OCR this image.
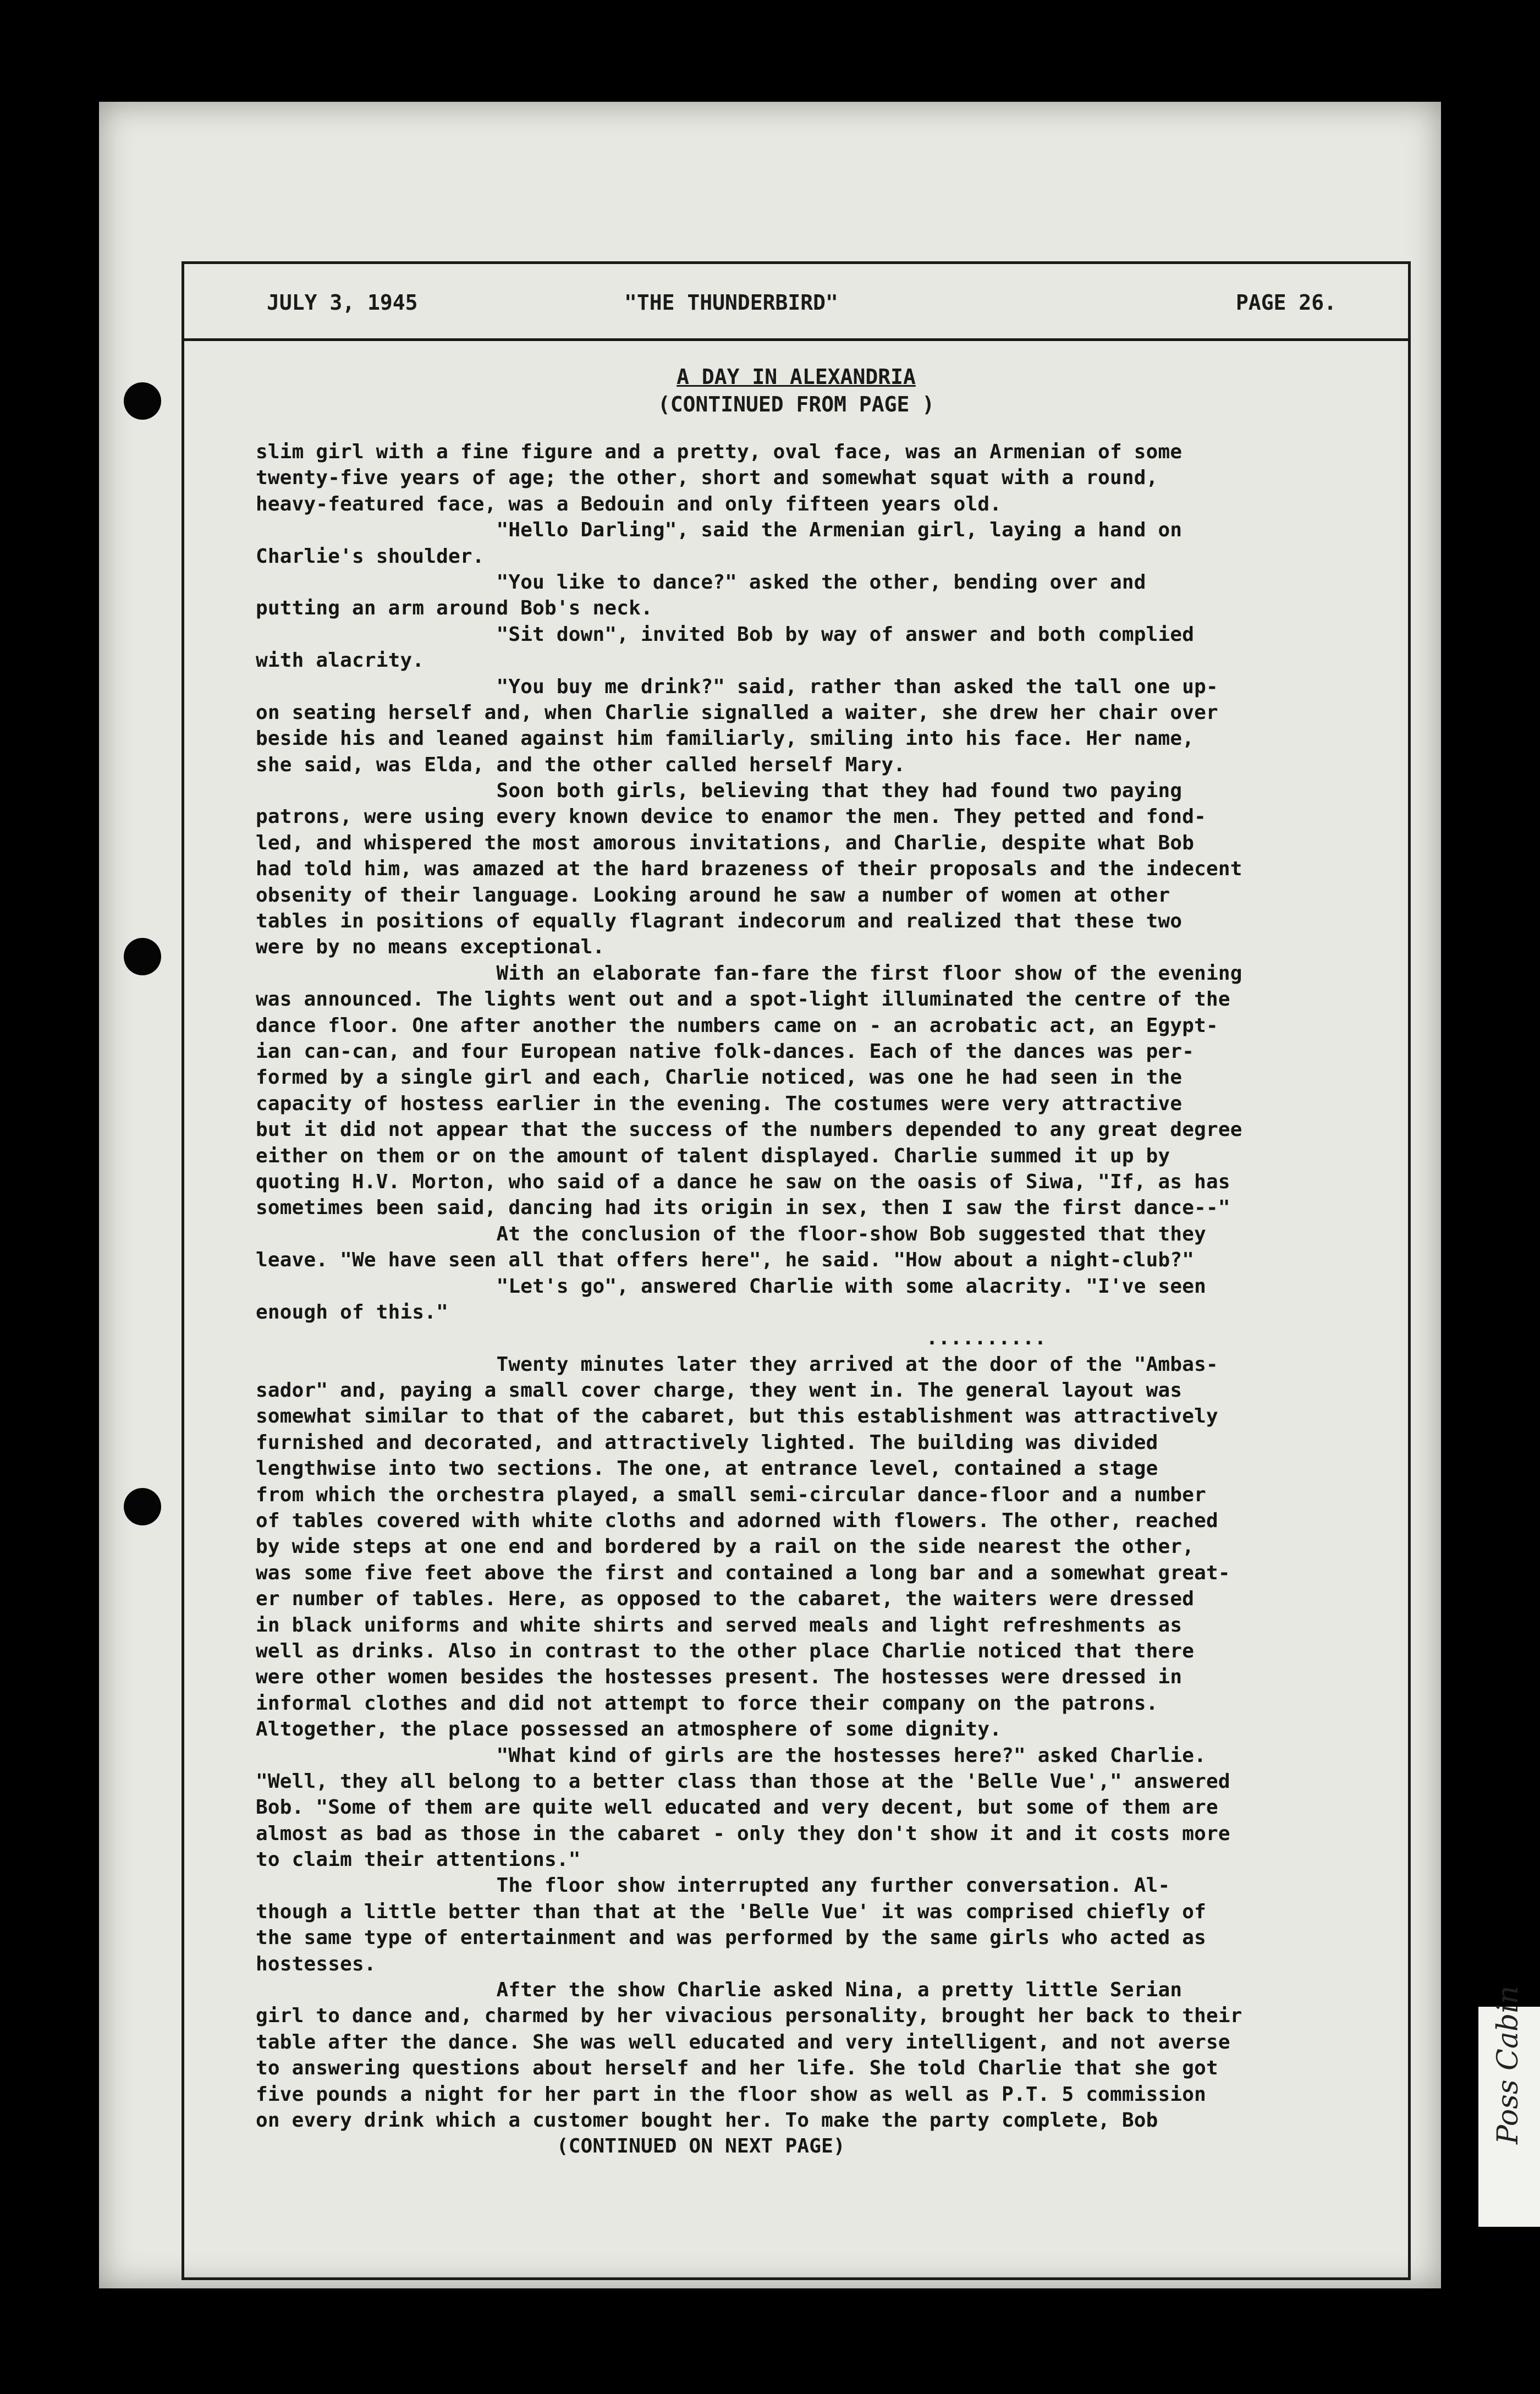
JULY 3, 1945	"THE THUNDERBIRD"	PAGE 26.
A DAY IN ALEXANDRIA
(CONTINUED FROM PAGE )
slim girl with a fine figure and a pretty, oval face, was an Armenian of some
twenty-five years of age; the other, short and somewhat squat with a round,
heavy-featured face, was a Bedouin and only fifteen years old.
"Hello Darling", said the Armenian girl, laying a hand on
Charlie's shoulder.
"You like to dance?" asked the other, bending over and
putting an arm around Bob's neck.
"Sit down", invited Bob by way of answer and both complied
with alacrity.
"You buy me drink?" said, rather than asked the tall one up-
on seating herself and, when Charlie signalled a waiter, she drew her chair over
beside his and leaned against him familiarly, smiling into his face. Her name,
she said, was Elda, and the other called herself Mary.
Soon both girls, believing that they had found two paying
patrons, were using every known device to enamor the men. They petted and fond-
led, and whispered the most amorous invitations, and Charlie, despite what Bob
had told him, was amazed at the hard brazeness of their proposals and the indecent
obsenity of their language. Looking around he saw a number of women at other
tables in positions of equally flagrant indecorum and realized that these two
were by no means exceptional.
With an elaborate fan-fare the first floor show of the evening
was announced. The lights went out and a spot-light illuminated the centre of the
dance floor. One after another the numbers came on - an acrobatic act, an Egypt-
ian can-can, and four European native folk-dances. Each of the dances was per-
formed by a single girl and each, Charlie noticed, was one he had seen in the
capacity of hostess earlier in the evening. The costumes were very attractive
but it did not appear that the success of the numbers depended to any great degree
either on them or on the amount of talent displayed. Charlie summed it up by
quoting H.V. Morton, who said of a dance he saw on the oasis of Siwa, "If, as has
sometimes been said, dancing had its origin in sex, then I saw the first dance--"
At the conclusion of the floor-show Bob suggested that they
leave. "We have seen all that offers here", he said. "How about a night-club?"
"Let's go", answered Charlie with some alacrity. "I've seen
enough of this."
..........
Twenty minutes later they arrived at the door of the "Ambas-
sador" and, paying a small cover charge, they went in. The general layout was
somewhat similar to that of the cabaret, but this establishment was attractively
furnished and decorated, and attractively lighted. The building was divided
lengthwise into two sections. The one, at entrance level, contained a stage
from which the orchestra played, a small semi-circular dance-floor and a number
of tables covered with white cloths and adorned with flowers. The other, reached
by wide steps at one end and bordered by a rail on the side nearest the other,
was some five feet above the first and contained a long bar and a somewhat great-
er number of tables. Here, as opposed to the cabaret, the waiters were dressed
in black uniforms and white shirts and served meals and light refreshments as
well as drinks. Also in contrast to the other place Charlie noticed that there
were other women besides the hostesses present. The hostesses were dressed in
informal clothes and did not attempt to force their company on the patrons.
Altogether, the place possessed an atmosphere of some dignity.
"What kind of girls are the hostesses here?" asked Charlie.
"Well, they all belong to a better class than those at the 'Belle Vue'," answered
Bob. "Some of them are quite well educated and very decent, but some of them are
almost as bad as those in the cabaret - only they don't show it and it costs more
to claim their attentions."
The floor show interrupted any further conversation. Al-
though a little better than that at the 'Belle Vue' it was comprised chiefly of
the same type of entertainment and was performed by the same girls who acted as
hostesses.
After the show Charlie asked Nina, a pretty little Serian
girl to dance and, charmed by her vivacious personality, brought her back to their
table after the dance. She was well educated and very intelligent, and not averse
to answering questions about herself and her life. She told Charlie that she got
five pounds a night for her part in the floor show as well as P.T. 5 commission
on every drink which a customer bought her. To make the party complete, Bob
(CONTINUED ON NEXT PAGE)
Poss Cabin
